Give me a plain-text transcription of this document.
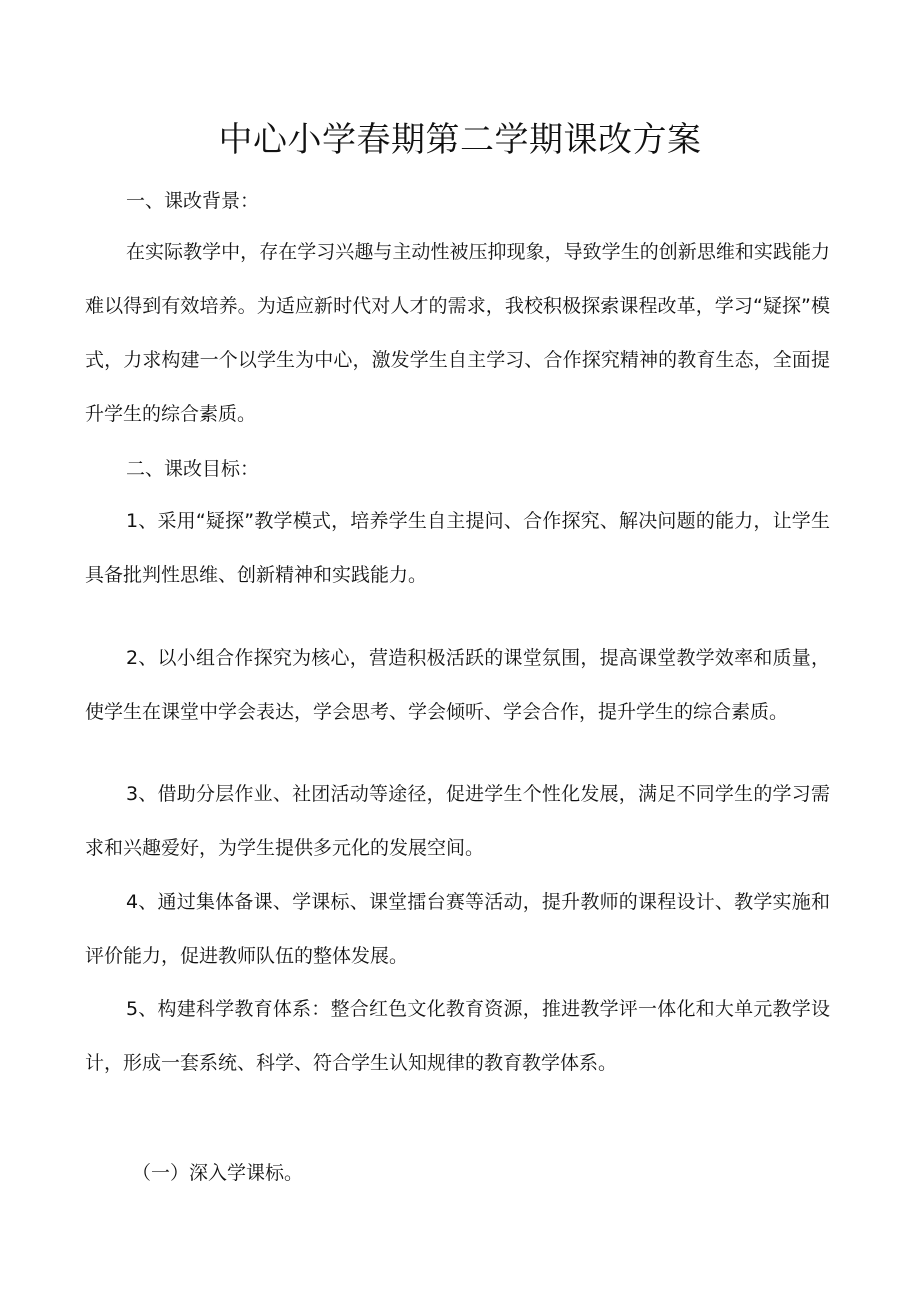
中心小学春期第二学期课改方案

一、课改背景：

在实际教学中，存在学习兴趣与主动性被压抑现象，导致学生的创新思维和实践能力难以得到有效培养。为适应新时代对人才的需求，我校积极探索课程改革，学习“疑探”模式，力求构建一个以学生为中心，激发学生自主学习、合作探究精神的教育生态，全面提升学生的综合素质。

二、课改目标：

1、采用“疑探”教学模式，培养学生自主提问、合作探究、解决问题的能力，让学生具备批判性思维、创新精神和实践能力。

2、以小组合作探究为核心，营造积极活跃的课堂氛围，提高课堂教学效率和质量，使学生在课堂中学会表达，学会思考、学会倾听、学会合作，提升学生的综合素质。

3、借助分层作业、社团活动等途径，促进学生个性化发展，满足不同学生的学习需求和兴趣爱好，为学生提供多元化的发展空间。

4、通过集体备课、学课标、课堂擂台赛等活动，提升教师的课程设计、教学实施和评价能力，促进教师队伍的整体发展。

5、构建科学教育体系：整合红色文化教育资源，推进教学评一体化和大单元教学设计，形成一套系统、科学、符合学生认知规律的教育教学体系。

（一）深入学课标。
